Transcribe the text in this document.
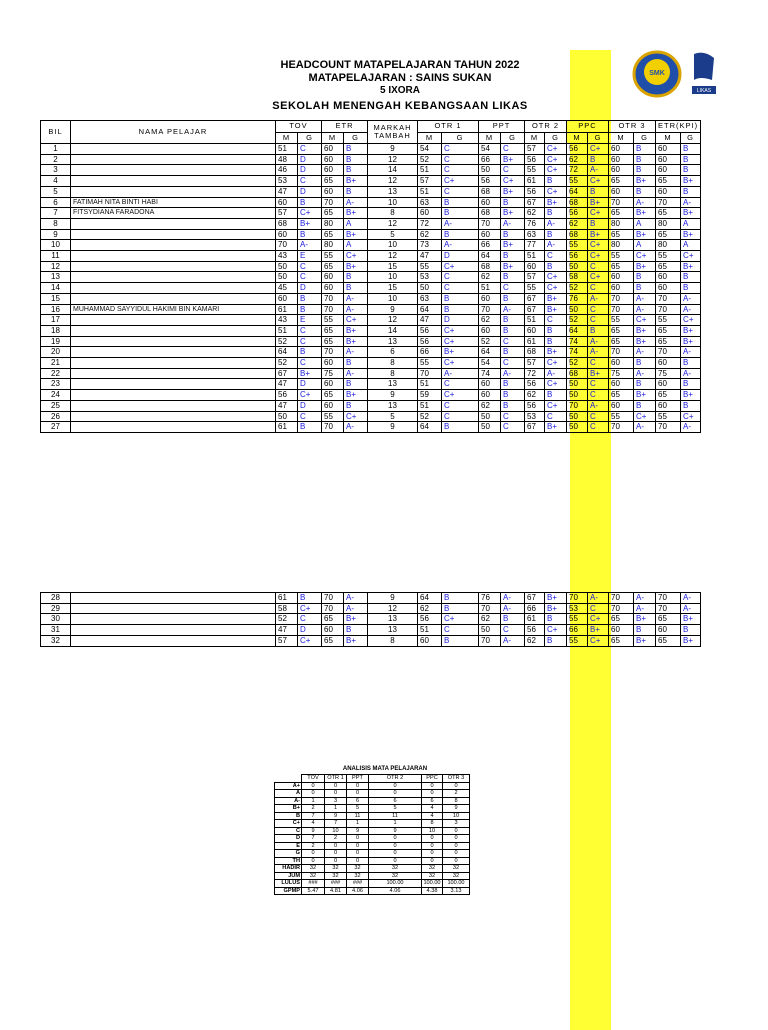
HEADCOUNT MATAPELAJARAN TAHUN 2022
MATAPELAJARAN : SAINS SUKAN
5 IXORA
SEKOLAH MENENGAH KEBANGSAAN LIKAS
SMK
LIKAS
BIL	NAMA PELAJAR	TOV		ETR		MARKAH
TAMBAH	OTR 1		PPT		OTR 2		PPC		OTR 3		ETR(KPI)	
		M	G	M	G		M	G	M	G	M	G	M	G	M	G	M	G
1		51	C	60	B	9	54	C	54	C	57	C+	56	C+	60	B	60	B
2		48	D	60	B	12	52	C	66	B+	56	C+	62	B	60	B	60	B
3		46	D	60	B	14	51	C	50	C	55	C+	72	A-	60	B	60	B
4		53	C	65	B+	12	57	C+	56	C+	61	B	55	C+	65	B+	65	B+
5		47	D	60	B	13	51	C	68	B+	56	C+	64	B	60	B	60	B
6	FATIMAH NITA BINTI HABI	60	B	70	A-	10	63	B	60	B	67	B+	68	B+	70	A-	70	A-
7	FITSYDIANA FARADONA	57	C+	65	B+	8	60	B	68	B+	62	B	56	C+	65	B+	65	B+
8		68	B+	80	A	12	72	A-	70	A-	76	A-	62	B	80	A	80	A
9		60	B	65	B+	5	62	B	60	B	63	B	68	B+	65	B+	65	B+
10		70	A-	80	A	10	73	A-	66	B+	77	A-	55	C+	80	A	80	A
11		43	E	55	C+	12	47	D	64	B	51	C	56	C+	55	C+	55	C+
12		50	C	65	B+	15	55	C+	68	B+	60	B	50	C	65	B+	65	B+
13		50	C	60	B	10	53	C	62	B	57	C+	58	C+	60	B	60	B
14		45	D	60	B	15	50	C	51	C	55	C+	52	C	60	B	60	B
15		60	B	70	A-	10	63	B	60	B	67	B+	76	A-	70	A-	70	A-
16	MUHAMMAD SAYYIDUL HAKIMI BIN KAMARI	61	B	70	A-	9	64	B	70	A-	67	B+	50	C	70	A-	70	A-
17		43	E	55	C+	12	47	D	62	B	51	C	52	C	55	C+	55	C+
18		51	C	65	B+	14	56	C+	60	B	60	B	64	B	65	B+	65	B+
19		52	C	65	B+	13	56	C+	52	C	61	B	74	A-	65	B+	65	B+
20		64	B	70	A-	6	66	B+	64	B	68	B+	74	A-	70	A-	70	A-
21		52	C	60	B	8	55	C+	54	C	57	C+	52	C	60	B	60	B
22		67	B+	75	A-	8	70	A-	74	A-	72	A-	68	B+	75	A-	75	A-
23		47	D	60	B	13	51	C	60	B	56	C+	50	C	60	B	60	B
24		56	C+	65	B+	9	59	C+	60	B	62	B	50	C	65	B+	65	B+
25		47	D	60	B	13	51	C	62	B	56	C+	70	A-	60	B	60	B
26		50	C	55	C+	5	52	C	50	C	53	C	50	C	55	C+	55	C+
27		61	B	70	A-	9	64	B	50	C	67	B+	50	C	70	A-	70	A-
28		61	B	70	A-	9	64	B	76	A-	67	B+	70	A-	70	A-	70	A-
29		58	C+	70	A-	12	62	B	70	A-	66	B+	53	C	70	A-	70	A-
30		52	C	65	B+	13	56	C+	62	B	61	B	55	C+	65	B+	65	B+
31		47	D	60	B	13	51	C	50	C	56	C+	66	B+	60	B	60	B
32		57	C+	65	B+	8	60	B	70	A-	62	B	55	C+	65	B+	65	B+
ANALISIS MATA PELAJARAN
	TOV	OTR 1	PPT	OTR 2	PPC	OTR 3
A+	0	0	0	0	0	0
A	0	0	0	0	0	2
A-	1	3	6	6	6	8
B+	2	1	5	5	4	9
B	7	9	11	11	4	10
C+	4	7	1	1	8	3
C	9	10	9	9	10	0
D	7	2	0	0	0	0
E	2	0	0	0	0	0
G	0	0	0	0	0	0
TH	0	0	0	0	0	0
HADIR	32	32	32	32	32	32
JUM	32	32	32	32	32	32
LULUS	###	###	###	100.00	100.00	100.00
GPMP	5.47	4.81	4.06	4.06	4.38	3.13
